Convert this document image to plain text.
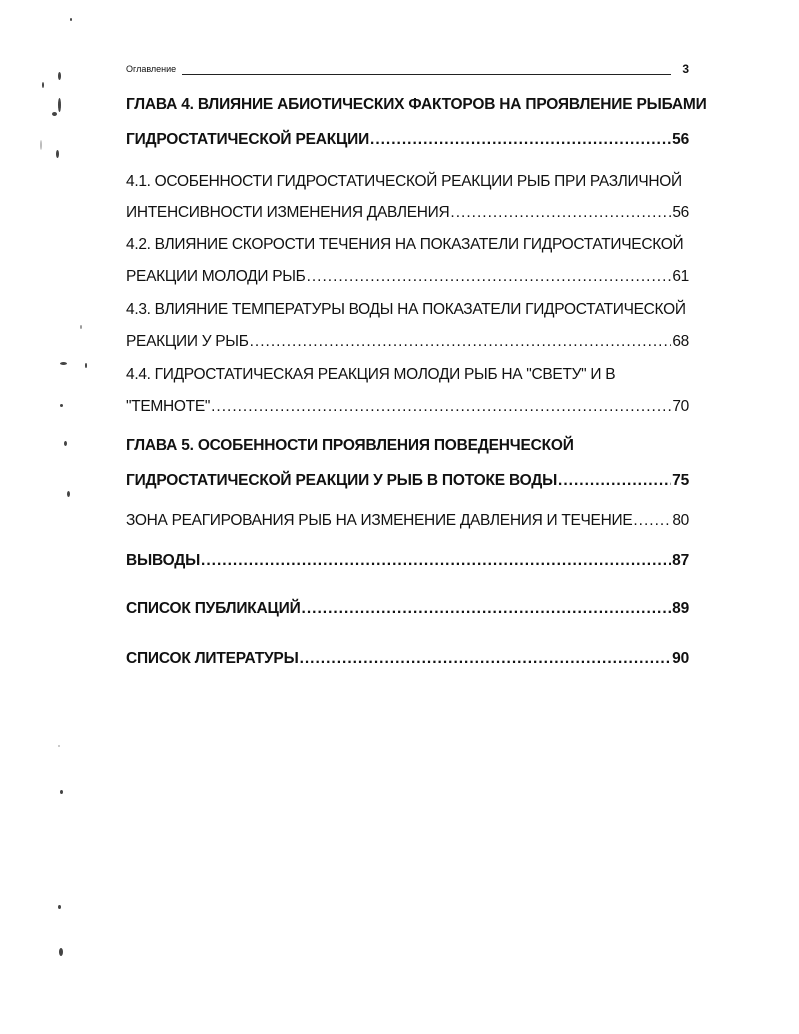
Оглавление	3
ГЛАВА 4. ВЛИЯНИЕ АБИОТИЧЕСКИХ ФАКТОРОВ НА ПРОЯВЛЕНИЕ РЫБАМИ
ГИДРОСТАТИЧЕСКОЙ РЕАКЦИИ .....	56
4.1. ОСОБЕННОСТИ ГИДРОСТАТИЧЕСКОЙ РЕАКЦИИ РЫБ ПРИ РАЗЛИЧНОЙ
ИНТЕНСИВНОСТИ ИЗМЕНЕНИЯ ДАВЛЕНИЯ .....	56
4.2. ВЛИЯНИЕ СКОРОСТИ ТЕЧЕНИЯ НА ПОКАЗАТЕЛИ ГИДРОСТАТИЧЕСКОЙ
РЕАКЦИИ МОЛОДИ РЫБ .....	61
4.3. ВЛИЯНИЕ ТЕМПЕРАТУРЫ ВОДЫ НА ПОКАЗАТЕЛИ ГИДРОСТАТИЧЕСКОЙ
РЕАКЦИИ У РЫБ .....	68
4.4. ГИДРОСТАТИЧЕСКАЯ РЕАКЦИЯ МОЛОДИ РЫБ НА "СВЕТУ" И В
"ТЕМНОТЕ" .....	70
ГЛАВА 5. ОСОБЕННОСТИ ПРОЯВЛЕНИЯ ПОВЕДЕНЧЕСКОЙ
ГИДРОСТАТИЧЕСКОЙ РЕАКЦИИ У РЫБ В ПОТОКЕ ВОДЫ .....	75
ЗОНА РЕАГИРОВАНИЯ РЫБ НА ИЗМЕНЕНИЕ ДАВЛЕНИЯ И ТЕЧЕНИЕ .....	80
ВЫВОДЫ .....	87
СПИСОК ПУБЛИКАЦИЙ .....	89
СПИСОК ЛИТЕРАТУРЫ .....	90
